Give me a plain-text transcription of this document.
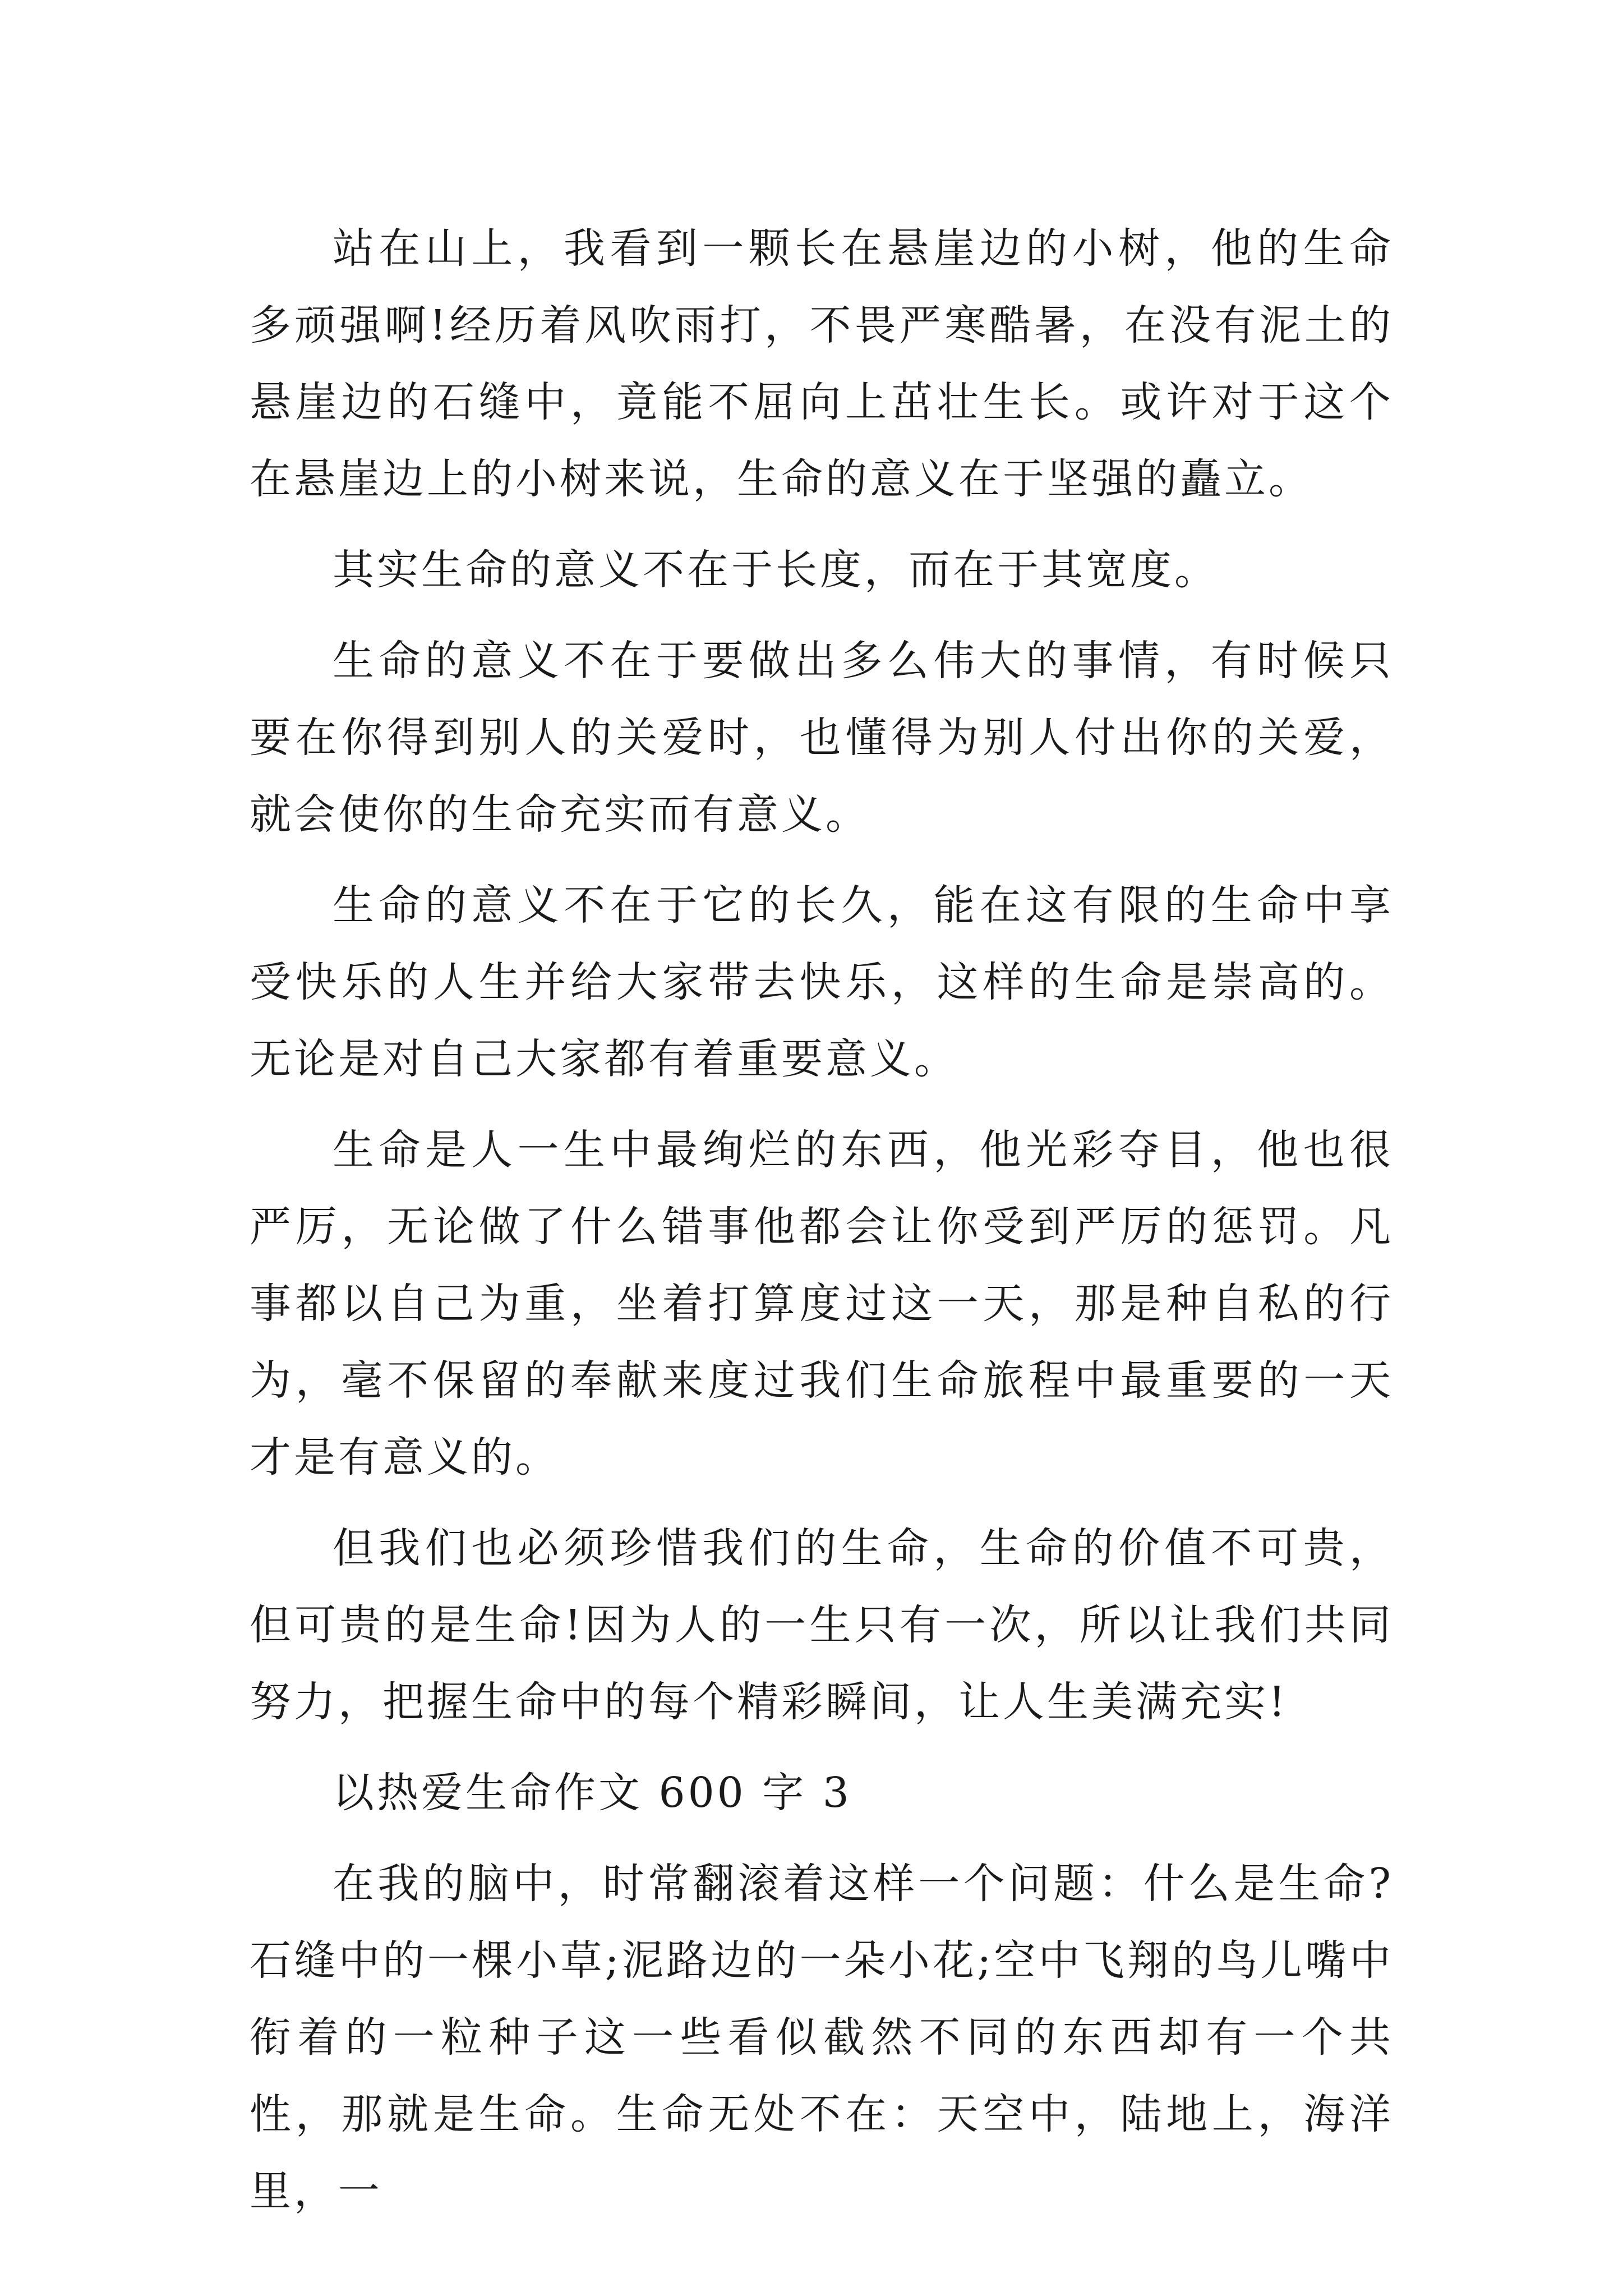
站在山上，我看到一颗长在悬崖边的小树，他的生命多顽强啊!经历着风吹雨打，不畏严寒酷暑，在没有泥土的悬崖边的石缝中，竟能不屈向上茁壮生长。或许对于这个在悬崖边上的小树来说，生命的意义在于坚强的矗立。

其实生命的意义不在于长度，而在于其宽度。

生命的意义不在于要做出多么伟大的事情，有时候只要在你得到别人的关爱时，也懂得为别人付出你的关爱，就会使你的生命充实而有意义。

生命的意义不在于它的长久，能在这有限的生命中享受快乐的人生并给大家带去快乐，这样的生命是崇高的。无论是对自己大家都有着重要意义。

生命是人一生中最绚烂的东西，他光彩夺目，他也很严厉，无论做了什么错事他都会让你受到严厉的惩罚。凡事都以自己为重，坐着打算度过这一天，那是种自私的行为，毫不保留的奉献来度过我们生命旅程中最重要的一天才是有意义的。

但我们也必须珍惜我们的生命，生命的价值不可贵，但可贵的是生命!因为人的一生只有一次，所以让我们共同努力，把握生命中的每个精彩瞬间，让人生美满充实!

以热爱生命作文 600 字 3

在我的脑中，时常翻滚着这样一个问题：什么是生命?石缝中的一棵小草;泥路边的一朵小花;空中飞翔的鸟儿嘴中衔着的一粒种子这一些看似截然不同的东西却有一个共性，那就是生命。生命无处不在：天空中，陆地上，海洋里，一
